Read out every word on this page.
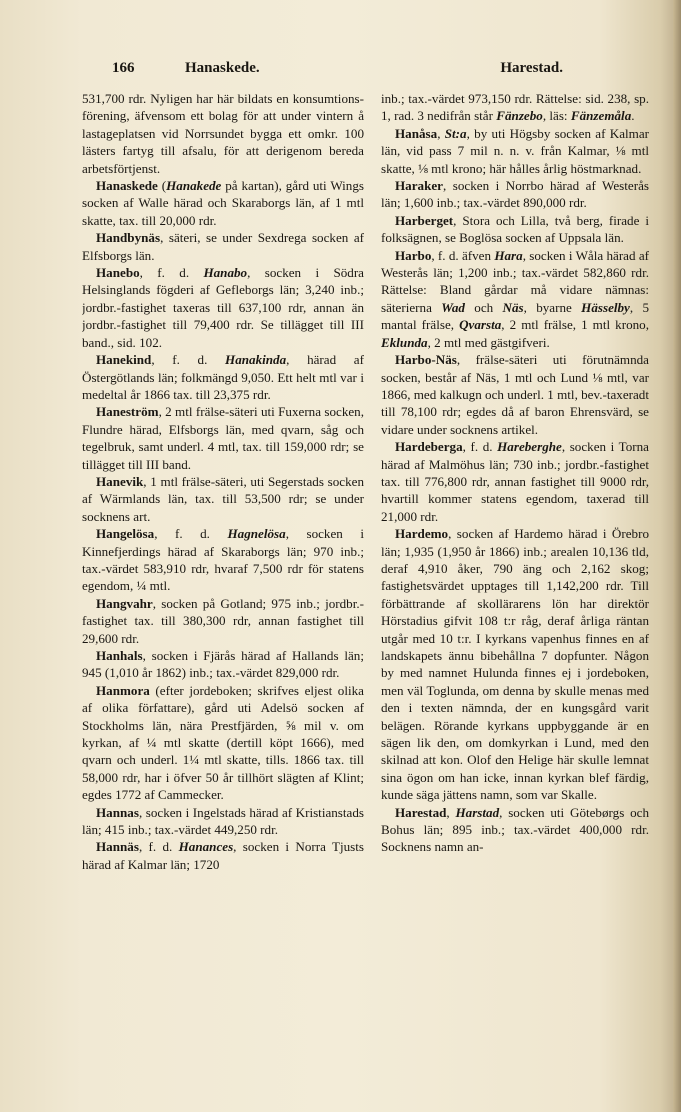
166	Hanaskede.	Harestad.

531,700 rdr. Nyligen har här bildats en konsumtions-förening, äfvensom ett bolag för att under vintern å lastageplatsen vid Norrsundet bygga ett omkr. 100 lästers fartyg till afsalu, för att derigenom bereda arbetsförtjenst.

Hanaskede (Hanakede på kartan), gård uti Wings socken af Walle härad och Skaraborgs län, af 1 mtl skatte, tax. till 20,000 rdr.

Handbynäs, säteri, se under Sexdrega socken af Elfsborgs län.

Hanebo, f. d. Hanabo, socken i Södra Helsinglands fögderi af Gefleborgs län; 3,240 inb.; jordbr.-fastighet taxeras till 637,100 rdr, annan än jordbr.-fastighet till 79,400 rdr. Se tillägget till III band., sid. 102.

Hanekind, f. d. Hanakinda, härad af Östergötlands län; folkmängd 9,050. Ett helt mtl var i medeltal år 1866 tax. till 23,375 rdr.

Haneström, 2 mtl frälse-säteri uti Fuxerna socken, Flundre härad, Elfsborgs län, med qvarn, såg och tegelbruk, samt underl. 4 mtl, tax. till 159,000 rdr; se tillägget till III band.

Hanevik, 1 mtl frälse-säteri, uti Segerstads socken af Wärmlands län, tax. till 53,500 rdr; se under socknens art.

Hangelösa, f. d. Hagnelösa, socken i Kinnefjerdings härad af Skaraborgs län; 970 inb.; tax.-värdet 583,910 rdr, hvaraf 7,500 rdr för statens egendom, ¼ mtl.

Hangvahr, socken på Gotland; 975 inb.; jordbr.-fastighet tax. till 380,300 rdr, annan fastighet till 29,600 rdr.

Hanhals, socken i Fjärås härad af Hallands län; 945 (1,010 år 1862) inb.; tax.-värdet 829,000 rdr.

Hanmora (efter jordeboken; skrifves eljest olika af olika författare), gård uti Adelsö socken af Stockholms län, nära Prestfjärden, ⅝ mil v. om kyrkan, af ¼ mtl skatte (dertill köpt 1666), med qvarn och underl. 1¼ mtl skatte, tills. 1866 tax. till 58,000 rdr, har i öfver 50 år tillhört slägten af Klint; egdes 1772 af Cammecker.

Hannas, socken i Ingelstads härad af Kristianstads län; 415 inb.; tax.-värdet 449,250 rdr.

Hannäs, f. d. Hanances, socken i Norra Tjusts härad af Kalmar län; 1720

inb.; tax.-värdet 973,150 rdr. Rättelse: sid. 238, sp. 1, rad. 3 nedifrån står Fänzebo, läs: Fänzemåla.

Hanåsa, St:a, by uti Högsby socken af Kalmar län, vid pass 7 mil n. n. v. från Kalmar, ⅛ mtl skatte, ⅛ mtl krono; här hålles årlig höstmarknad.

Haraker, socken i Norrbo härad af Westerås län; 1,600 inb.; tax.-värdet 890,000 rdr.

Harberget, Stora och Lilla, två berg, firade i folksägnen, se Boglösa socken af Uppsala län.

Harbo, f. d. äfven Hara, socken i Wåla härad af Westerås län; 1,200 inb.; tax.-värdet 582,860 rdr. Rättelse: Bland gårdar må vidare nämnas: säterierna Wad och Näs, byarne Hässelby, 5 mantal frälse, Qvarsta, 2 mtl frälse, 1 mtl krono, Eklunda, 2 mtl med gästgifveri.

Harbo-Näs, frälse-säteri uti förutnämnda socken, består af Näs, 1 mtl och Lund ⅛ mtl, var 1866, med kalkugn och underl. 1 mtl, bev.-taxeradt till 78,100 rdr; egdes då af baron Ehrensvärd, se vidare under socknens artikel.

Hardeberga, f. d. Hareberghe, socken i Torna härad af Malmöhus län; 730 inb.; jordbr.-fastighet tax. till 776,800 rdr, annan fastighet till 9000 rdr, hvartill kommer statens egendom, taxerad till 21,000 rdr.

Hardemo, socken af Hardemo härad i Örebro län; 1,935 (1,950 år 1866) inb.; arealen 10,136 tld, deraf 4,910 åker, 790 äng och 2,162 skog; fastighetsvärdet upptages till 1,142,200 rdr. Till förbättrande af skollärarens lön har direktör Hörstadius gifvit 108 t:r råg, deraf årliga räntan utgår med 10 t:r. I kyrkans vapenhus finnes en af landskapets ännu bibehållna 7 dopfunter. Någon by med namnet Hulunda finnes ej i jordeboken, men väl Toglunda, om denna by skulle menas med den i texten nämnda, der en kungsgård varit belägen. Rörande kyrkans uppbyggande är en sägen lik den, om domkyrkan i Lund, med den skilnad att kon. Olof den Helige här skulle lemnat sina ögon om han icke, innan kyrkan blef färdig, kunde säga jättens namn, som var Skalle.

Harestad, Harstad, socken uti Götebørgs och Bohus län; 895 inb.; tax.-värdet 400,000 rdr. Socknens namn an-
